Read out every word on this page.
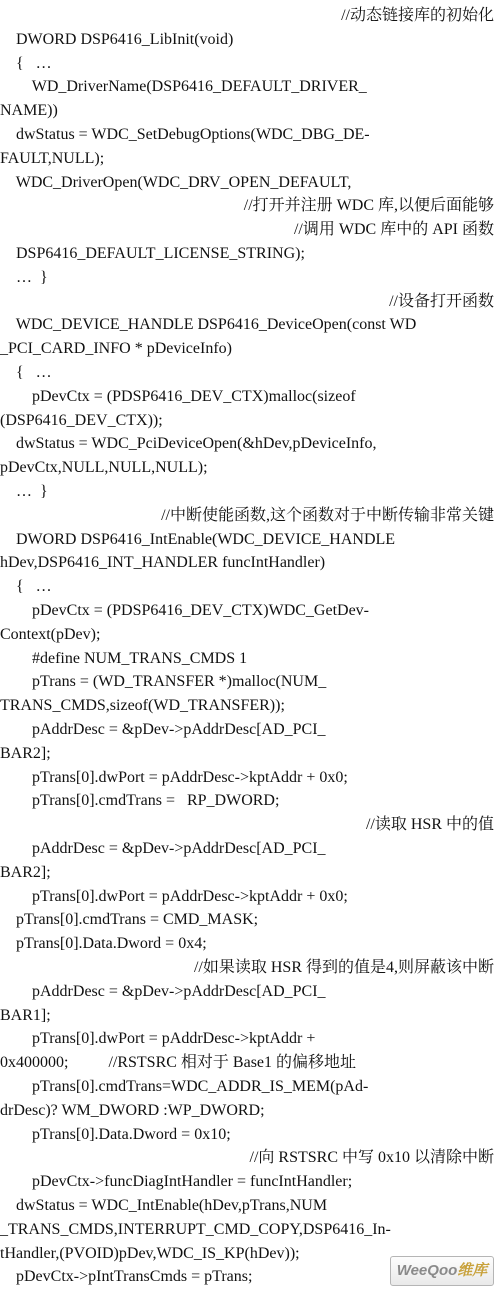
//动态链接库的初始化
DWORD DSP6416_LibInit(void)
{   …
WD_DriverName(DSP6416_DEFAULT_DRIVER_
NAME))
dwStatus = WDC_SetDebugOptions(WDC_DBG_DE-
FAULT,NULL);
WDC_DriverOpen(WDC_DRV_OPEN_DEFAULT,
//打开并注册 WDC 库,以便后面能够
//调用 WDC 库中的 API 函数
DSP6416_DEFAULT_LICENSE_STRING);
…  }
//设备打开函数
WDC_DEVICE_HANDLE DSP6416_DeviceOpen(const WD
_PCI_CARD_INFO * pDeviceInfo)
{   …
pDevCtx = (PDSP6416_DEV_CTX)malloc(sizeof
(DSP6416_DEV_CTX));
dwStatus = WDC_PciDeviceOpen(&hDev,pDeviceInfo,
pDevCtx,NULL,NULL,NULL);
…  }
//中断使能函数,这个函数对于中断传输非常关键
DWORD DSP6416_IntEnable(WDC_DEVICE_HANDLE
hDev,DSP6416_INT_HANDLER funcIntHandler)
{   …
pDevCtx = (PDSP6416_DEV_CTX)WDC_GetDev-
Context(pDev);
#define NUM_TRANS_CMDS 1
pTrans = (WD_TRANSFER *)malloc(NUM_
TRANS_CMDS,sizeof(WD_TRANSFER));
pAddrDesc = &pDev->pAddrDesc[AD_PCI_
BAR2];
pTrans[0].dwPort = pAddrDesc->kptAddr + 0x0;
pTrans[0].cmdTrans =   RP_DWORD;
//读取 HSR 中的值
pAddrDesc = &pDev->pAddrDesc[AD_PCI_
BAR2];
pTrans[0].dwPort = pAddrDesc->kptAddr + 0x0;
pTrans[0].cmdTrans = CMD_MASK;
pTrans[0].Data.Dword = 0x4;
//如果读取 HSR 得到的值是4,则屏蔽该中断
pAddrDesc = &pDev->pAddrDesc[AD_PCI_
BAR1];
pTrans[0].dwPort = pAddrDesc->kptAddr +
0x400000;          //RSTSRC 相对于 Base1 的偏移地址
pTrans[0].cmdTrans=WDC_ADDR_IS_MEM(pAd-
drDesc)? WM_DWORD :WP_DWORD;
pTrans[0].Data.Dword = 0x10;
//向 RSTSRC 中写 0x10 以清除中断
pDevCtx->funcDiagIntHandler = funcIntHandler;
dwStatus = WDC_IntEnable(hDev,pTrans,NUM
_TRANS_CMDS,INTERRUPT_CMD_COPY,DSP6416_In-
tHandler,(PVOID)pDev,WDC_IS_KP(hDev));
pDevCtx->pIntTransCmds = pTrans;	WeeQoo维库
